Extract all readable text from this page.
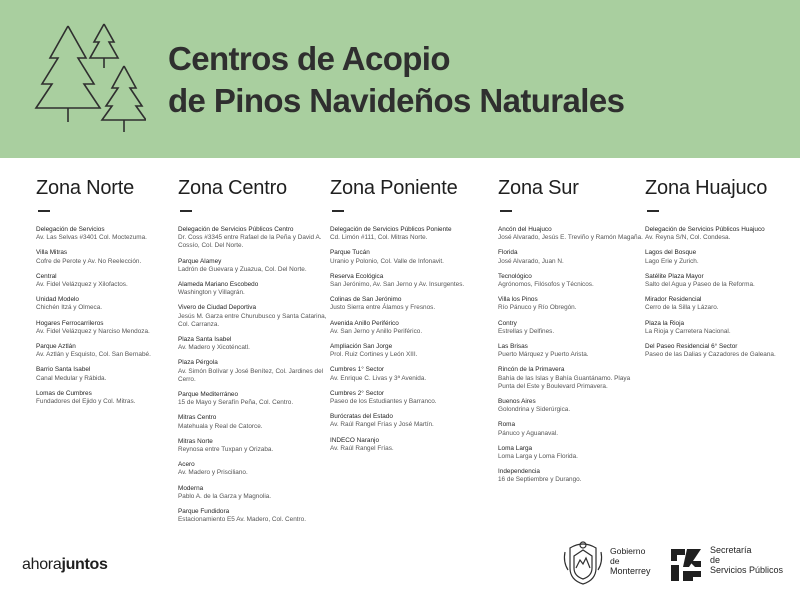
Centros de Acopio
de Pinos Navideños Naturales
Zona Norte
Delegación de Servicios
Av. Las Selvas #3401 Col. Moctezuma.
Villa Mitras
Cofre de Perote y Av. No Reelección.
Central
Av. Fidel Velázquez y Xilofactos.
Unidad Modelo
Chichén Itzá y Olmeca.
Hogares Ferrocarrileros
Av. Fidel Velázquez y Narciso Mendoza.
Parque Aztlán
Av. Aztlán y Esquisto, Col. San Bernabé.
Barrio Santa Isabel
Canal Medular y Rábida.
Lomas de Cumbres
Fundadores del Ejido y Col. Mitras.
Zona Centro
Delegación de Servicios Públicos Centro
Dr. Coss #3345 entre Rafael de la Peña y David A. Cossío, Col. Del Norte.
Parque Alamey
Ladrón de Guevara y Zuazua, Col. Del Norte.
Alameda Mariano Escobedo
Washington y Villagrán.
Vivero de Ciudad Deportiva
Jesús M. Garza entre Churubusco y Santa Catarina, Col. Carranza.
Plaza Santa Isabel
Av. Madero y Xicoténcatl.
Plaza Pérgola
Av. Simón Bolívar y José Benítez, Col. Jardines del Cerro.
Parque Mediterráneo
15 de Mayo y Serafín Peña, Col. Centro.
Mitras Centro
Matehuala y Real de Catorce.
Mitras Norte
Reynosa entre Tuxpan y Orizaba.
Acero
Av. Madero y Prisciliano.
Moderna
Pablo A. de la Garza y Magnolia.
Parque Fundidora
Estacionamiento E5 Av. Madero, Col. Centro.
Zona Poniente
Delegación de Servicios Públicos Poniente
Cd. Limón #111, Col. Mitras Norte.
Parque Tucán
Uranio y Polonio, Col. Valle de Infonavit.
Reserva Ecológica
San Jerónimo, Av. San Jerno y Av. Insurgentes.
Colinas de San Jerónimo
Justo Sierra entre Álamos y Fresnos.
Avenida Anillo Periférico
Av. San Jerno y Anillo Periférico.
Ampliación San Jorge
Prol. Ruiz Cortines y León XIII.
Cumbres 1° Sector
Av. Enrique C. Livas y 3ª Avenida.
Cumbres 2° Sector
Paseo de los Estudiantes y Barranco.
Burócratas del Estado
Av. Raúl Rangel Frías y José Martín.
INDECO Naranjo
Av. Raúl Rangel Frías.
Zona Sur
Ancón del Huajuco
José Alvarado, Jesús E. Treviño y Ramón Magaña.
Florida
José Alvarado, Juan N.
Tecnológico
Agrónomos, Filósofos y Técnicos.
Villa los Pinos
Río Pánuco y Río Obregón.
Contry
Estrellas y Delfines.
Las Brisas
Puerto Márquez y Puerto Arista.
Rincón de la Primavera
Bahía de las Islas y Bahía Guantánamo. Playa Punta del Este y Boulevard Primavera.
Buenos Aires
Golondrina y Siderúrgica.
Roma
Pánuco y Aguanaval.
Loma Larga
Loma Larga y Loma Florida.
Independencia
16 de Septiembre y Durango.
Zona Huajuco
Delegación de Servicios Públicos Huajuco
Av. Reyna S/N, Col. Condesa.
Lagos del Bosque
Lago Erie y Zurich.
Satélite Plaza Mayor
Salto del Agua y Paseo de la Reforma.
Mirador Residencial
Cerro de la Silla y Lázaro.
Plaza la Rioja
La Rioja y Carretera Nacional.
Del Paseo Residencial 6° Sector
Paseo de las Dalias y Cazadores de Galeana.
ahorajuntos
Gobierno
de
Monterrey
Secretaría
de
Servicios Públicos
